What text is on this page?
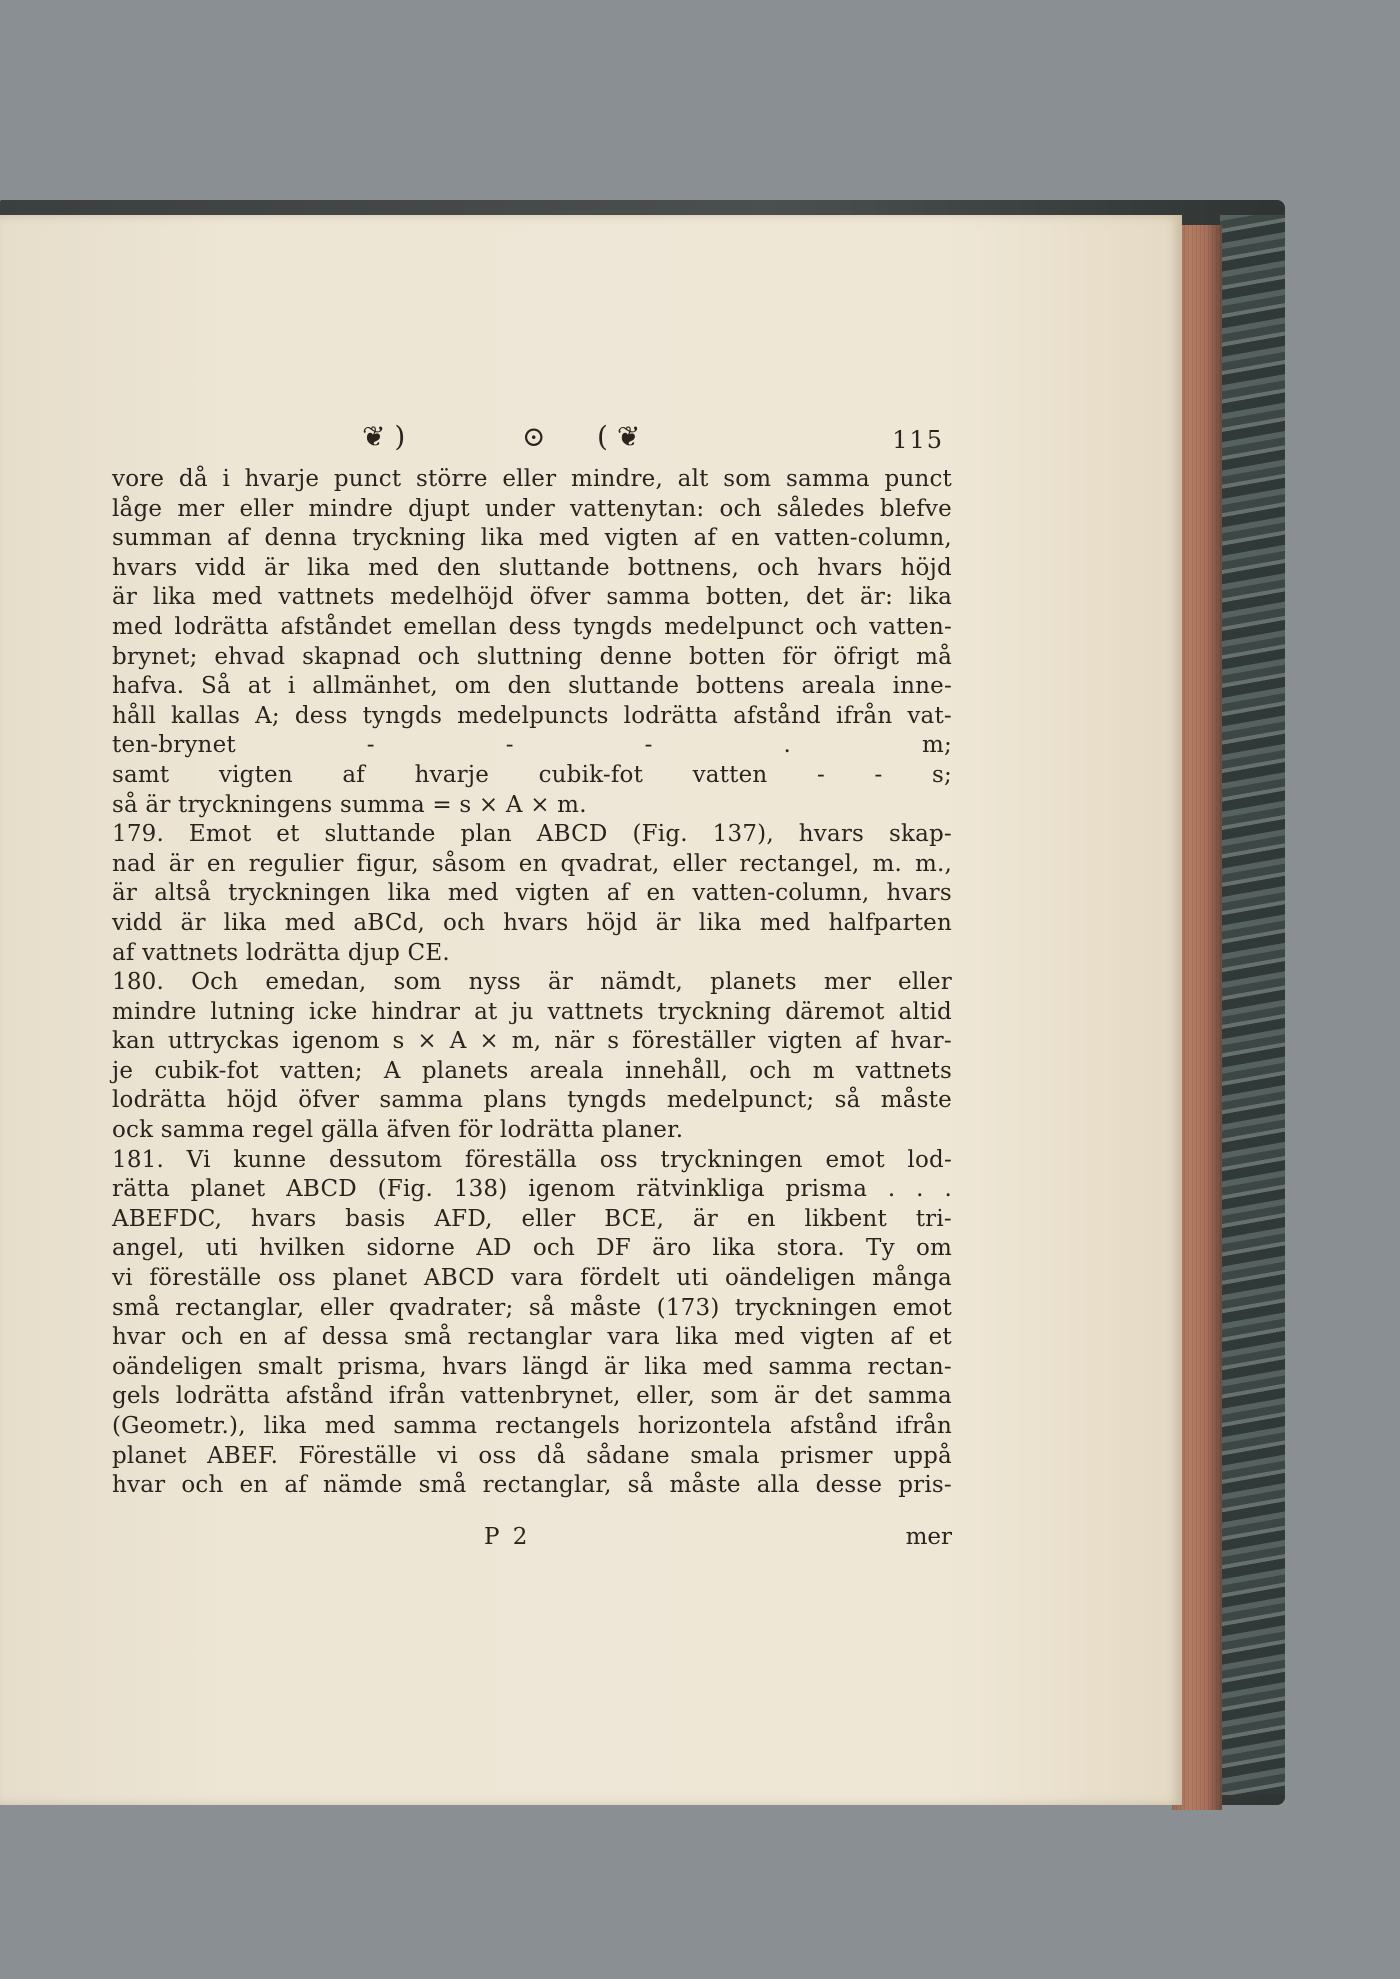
❦ )	⊙ ( ❦	115
vore då i hvarje punct större eller mindre, alt som samma punct
låge mer eller mindre djupt under vattenytan: och således blefve
summan af denna tryckning lika med vigten af en vatten-column,
hvars vidd är lika med den sluttande bottnens, och hvars höjd
är lika med vattnets medelhöjd öfver samma botten, det är: lika
med lodrätta afståndet emellan dess tyngds medelpunct och vatten-
brynet; ehvad skapnad och sluttning denne botten för öfrigt må
hafva. Så at i allmänhet, om den sluttande bottens areala inne-
håll kallas A; dess tyngds medelpuncts lodrätta afstånd ifrån vat-
ten-brynet	-	-	-	.	m;
samt vigten af hvarje cubik-fot vatten - - s;
så är tryckningens summa = s × A × m.
179. Emot et sluttande plan ABCD (Fig. 137), hvars skap-
nad är en regulier figur, såsom en qvadrat, eller rectangel, m. m.,
är altså tryckningen lika med vigten af en vatten-column, hvars
vidd är lika med aBCd, och hvars höjd är lika med halfparten
af vattnets lodrätta djup CE.
180. Och emedan, som nyss är nämdt, planets mer eller
mindre lutning icke hindrar at ju vattnets tryckning däremot altid
kan uttryckas igenom s × A × m, när s föreställer vigten af hvar-
je cubik-fot vatten; A planets areala innehåll, och m vattnets
lodrätta höjd öfver samma plans tyngds medelpunct; så måste
ock samma regel gälla äfven för lodrätta planer.
181. Vi kunne dessutom föreställa oss tryckningen emot lod-
rätta planet ABCD (Fig. 138) igenom rätvinkliga prisma . . .
ABEFDC, hvars basis AFD, eller BCE, är en likbent tri-
angel, uti hvilken sidorne AD och DF äro lika stora. Ty om
vi föreställe oss planet ABCD vara fördelt uti oändeligen många
små rectanglar, eller qvadrater; så måste (173) tryckningen emot
hvar och en af dessa små rectanglar vara lika med vigten af et
oändeligen smalt prisma, hvars längd är lika med samma rectan-
gels lodrätta afstånd ifrån vattenbrynet, eller, som är det samma
(Geometr.), lika med samma rectangels horizontela afstånd ifrån
planet ABEF. Föreställe vi oss då sådane smala prismer uppå
hvar och en af nämde små rectanglar, så måste alla desse pris-
P 2	mer
